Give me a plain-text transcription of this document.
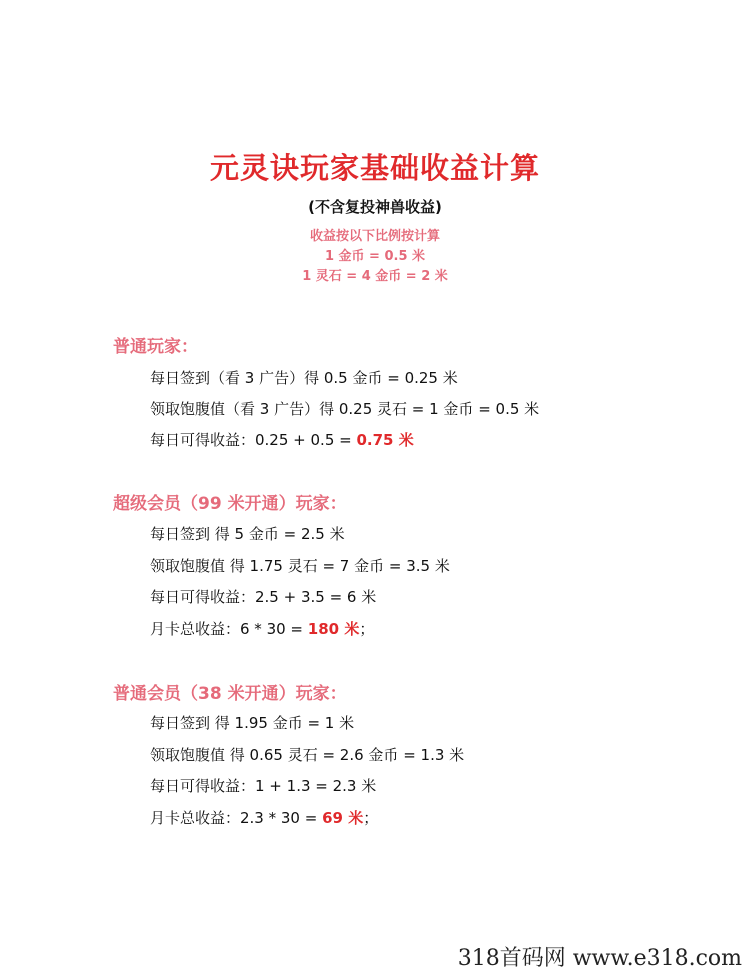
元灵诀玩家基础收益计算
(不含复投神兽收益)
收益按以下比例按计算
1 金币 = 0.5 米
1 灵石 = 4 金币 = 2 米
普通玩家：
每日签到（看 3 广告）得 0.5 金币 = 0.25 米
领取饱腹值（看 3 广告）得 0.25 灵石 = 1 金币 = 0.5 米
每日可得收益：0.25 + 0.5 = 0.75 米
超级会员（99 米开通）玩家：
每日签到 得 5 金币 = 2.5 米
领取饱腹值 得 1.75 灵石 = 7 金币 = 3.5 米
每日可得收益：2.5 + 3.5 = 6 米
月卡总收益：6 * 30 = 180 米；
普通会员（38 米开通）玩家：
每日签到 得 1.95 金币 = 1 米
领取饱腹值 得 0.65 灵石 = 2.6 金币 = 1.3 米
每日可得收益：1 + 1.3 = 2.3 米
月卡总收益：2.3 * 30 = 69 米；
318首码网 www.e318.com
